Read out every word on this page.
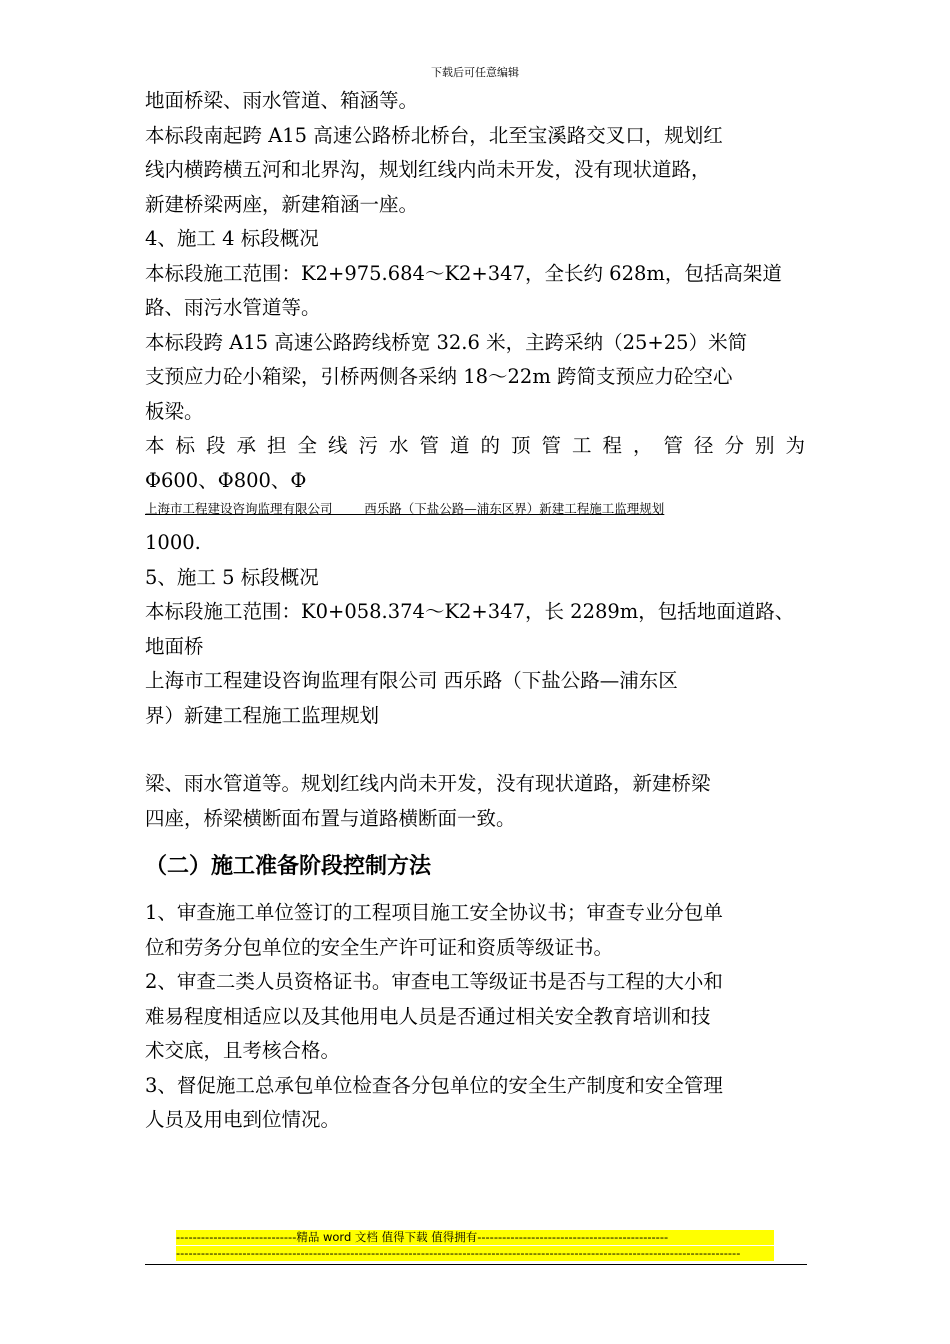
下载后可任意编辑

地面桥梁、雨水管道、箱涵等。

本标段南起跨 A15 高速公路桥北桥台，北至宝溪路交叉口，规划红

线内横跨横五河和北界沟，规划红线内尚未开发，没有现状道路，

新建桥梁两座，新建箱涵一座。

4、施工 4 标段概况

本标段施工范围：K2+975.684～K2+347，全长约 628m，包括高架道

路、雨污水管道等。

本标段跨 A15 高速公路跨线桥宽 32.6 米，主跨采纳（25+25）米简

支预应力砼小箱梁，引桥两侧各采纳 18～22m 跨简支预应力砼空心

板梁。

本标段承担全线污水管道的顶管工程，管径分别为

Φ600、Φ800、Φ

上海市工程建设咨询监理有限公司        西乐路（下盐公路—浦东区界）新建工程施工监理规划

1000.

5、施工 5 标段概况

本标段施工范围：K0+058.374～K2+347，长 2289m，包括地面道路、

地面桥

上海市工程建设咨询监理有限公司 西乐路（下盐公路—浦东区

界）新建工程施工监理规划

梁、雨水管道等。规划红线内尚未开发，没有现状道路，新建桥梁

四座，桥梁横断面布置与道路横断面一致。

（二）施工准备阶段控制方法

1、审查施工单位签订的工程项目施工安全协议书；审查专业分包单

位和劳务分包单位的安全生产许可证和资质等级证书。

2、审查二类人员资格证书。审查电工等级证书是否与工程的大小和

难易程度相适应以及其他用电人员是否通过相关安全教育培训和技

术交底，且考核合格。

3、督促施工总承包单位检查各分包单位的安全生产制度和安全管理

人员及用电到位情况。

-----------------------------精品 word 文档 值得下载 值得拥有----------------------------------------------
----------------------------------------------------------------------------------------------------------------------------------------
